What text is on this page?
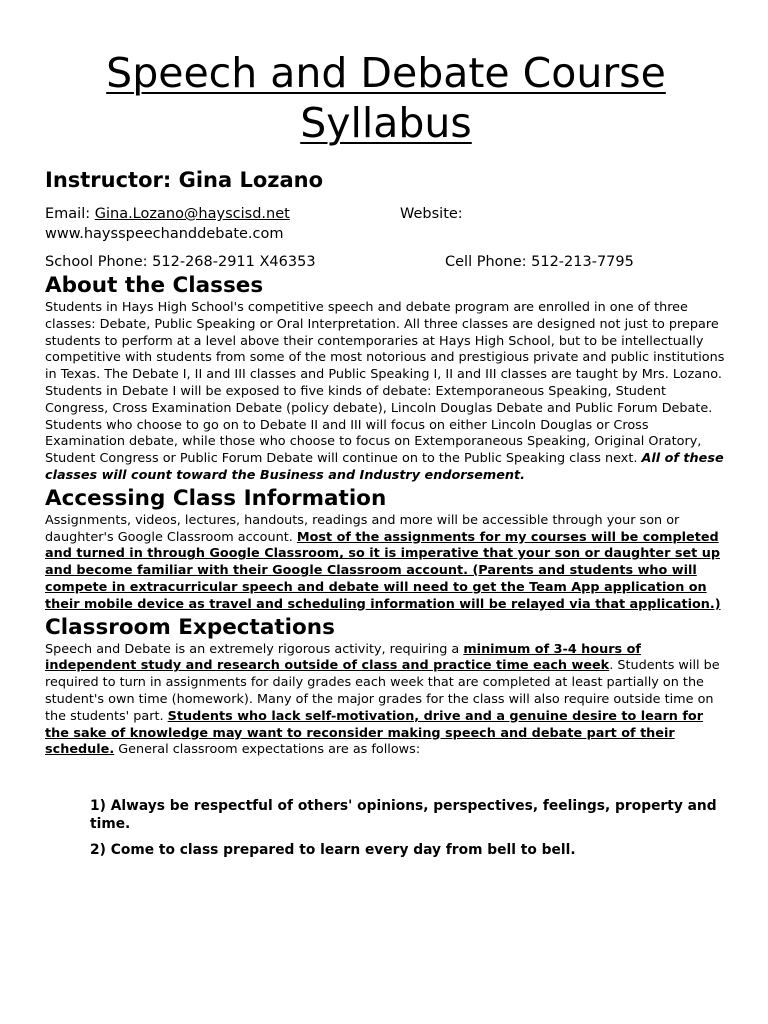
Speech and Debate Course Syllabus
Instructor: Gina Lozano
Email: Gina.Lozano@hayscisd.net	Website:
www.haysspeechanddebate.com
School Phone: 512-268-2911 X46353	Cell Phone: 512-213-7795
About the Classes

Students in Hays High School's competitive speech and debate program are enrolled in one of three classes: Debate, Public Speaking or Oral Interpretation. All three classes are designed not just to prepare students to perform at a level above their contemporaries at Hays High School, but to be intellectually competitive with students from some of the most notorious and prestigious private and public institutions in Texas. The Debate I, II and III classes and Public Speaking I, II and III classes are taught by Mrs. Lozano.

Students in Debate I will be exposed to five kinds of debate: Extemporaneous Speaking, Student Congress, Cross Examination Debate (policy debate), Lincoln Douglas Debate and Public Forum Debate. Students who choose to go on to Debate II and III will focus on either Lincoln Douglas or Cross Examination debate, while those who choose to focus on Extemporaneous Speaking, Original Oratory, Student Congress or Public Forum Debate will continue on to the Public Speaking class next. All of these classes will count toward the Business and Industry endorsement.

Accessing Class Information

Assignments, videos, lectures, handouts, readings and more will be accessible through your son or daughter's Google Classroom account. Most of the assignments for my courses will be completed and turned in through Google Classroom, so it is imperative that your son or daughter set up and become familiar with their Google Classroom account. (Parents and students who will compete in extracurricular speech and debate will need to get the Team App application on their mobile device as travel and scheduling information will be relayed via that application.)

Classroom Expectations

Speech and Debate is an extremely rigorous activity, requiring a minimum of 3-4 hours of independent study and research outside of class and practice time each week. Students will be required to turn in assignments for daily grades each week that are completed at least partially on the student's own time (homework). Many of the major grades for the class will also require outside time on the students' part. Students who lack self-motivation, drive and a genuine desire to learn for the sake of knowledge may want to reconsider making speech and debate part of their schedule. General classroom expectations are as follows:

1) Always be respectful of others' opinions, perspectives, feelings, property and time.
2) Come to class prepared to learn every day from bell to bell.
